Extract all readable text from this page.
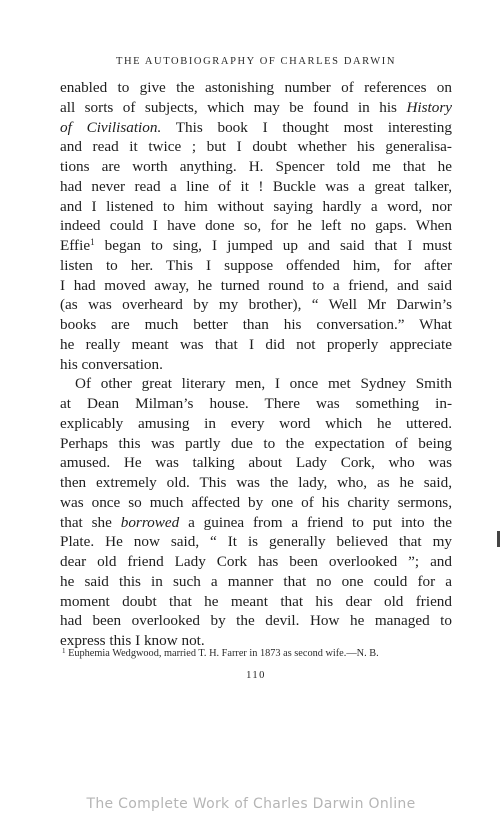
THE AUTOBIOGRAPHY OF CHARLES DARWIN
enabled to give the astonishing number of references on
all sorts of subjects, which may be found in his History
of Civilisation. This book I thought most interesting
and read it twice ; but I doubt whether his generalisa-
tions are worth anything. H. Spencer told me that he
had never read a line of it ! Buckle was a great talker,
and I listened to him without saying hardly a word, nor
indeed could I have done so, for he left no gaps. When
Effie$^1$ began to sing, I jumped up and said that I must
listen to her. This I suppose offended him, for after
I had moved away, he turned round to a friend, and said
(as was overheard by my brother), “ Well Mr Darwin’s
books are much better than his conversation.” What
he really meant was that I did not properly appreciate
his conversation.
Of other great literary men, I once met Sydney Smith
at Dean Milman’s house. There was something in-
explicably amusing in every word which he uttered.
Perhaps this was partly due to the expectation of being
amused. He was talking about Lady Cork, who was
then extremely old. This was the lady, who, as he said,
was once so much affected by one of his charity sermons,
that she borrowed a guinea from a friend to put into the
Plate. He now said, “ It is generally believed that my
dear old friend Lady Cork has been overlooked ”; and
he said this in such a manner that no one could for a
moment doubt that he meant that his dear old friend
had been overlooked by the devil. How he managed to
express this I know not.
$^1$ Euphemia Wedgwood, married T. H. Farrer in 1873 as second wife.—N. B.
110
The Complete Work of Charles Darwin Online
